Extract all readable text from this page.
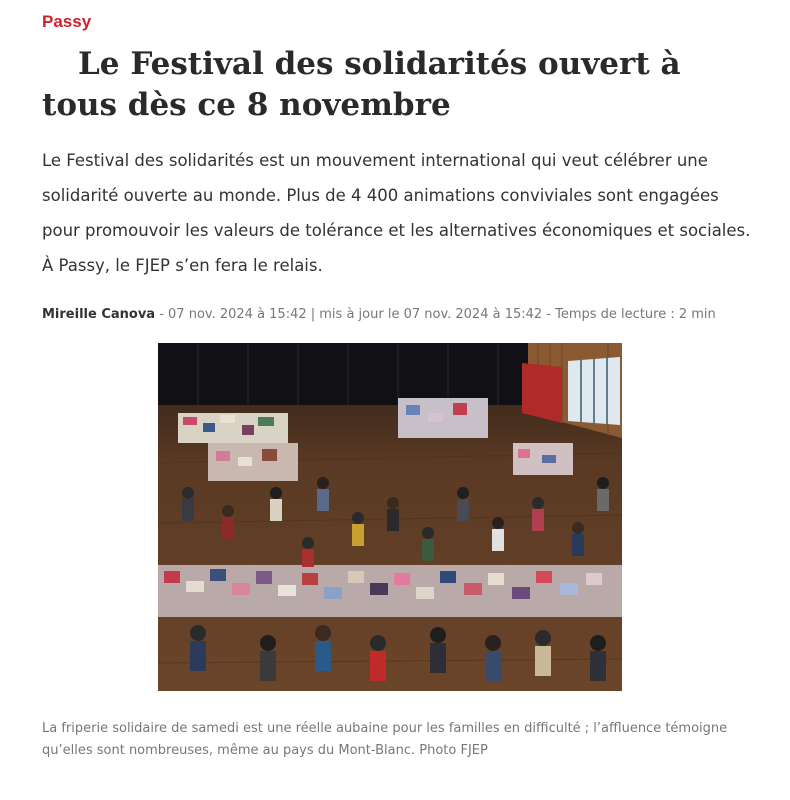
Passy
Le Festival des solidarités ouvert à tous dès ce 8 novembre

Le Festival des solidarités est un mouvement international qui veut célébrer une solidarité ouverte au monde. Plus de 4 400 animations conviviales sont engagées pour promouvoir les valeurs de tolérance et les alternatives économiques et sociales. À Passy, le FJEP s’en fera le relais.

Mireille Canova - 07 nov. 2024 à 15:42 | mis à jour le 07 nov. 2024 à 15:42 - Temps de lecture : 2 min

La friperie solidaire de samedi est une réelle aubaine pour les familles en difficulté ; l’affluence témoigne qu’elles sont nombreuses, même au pays du Mont-Blanc. Photo FJEP
